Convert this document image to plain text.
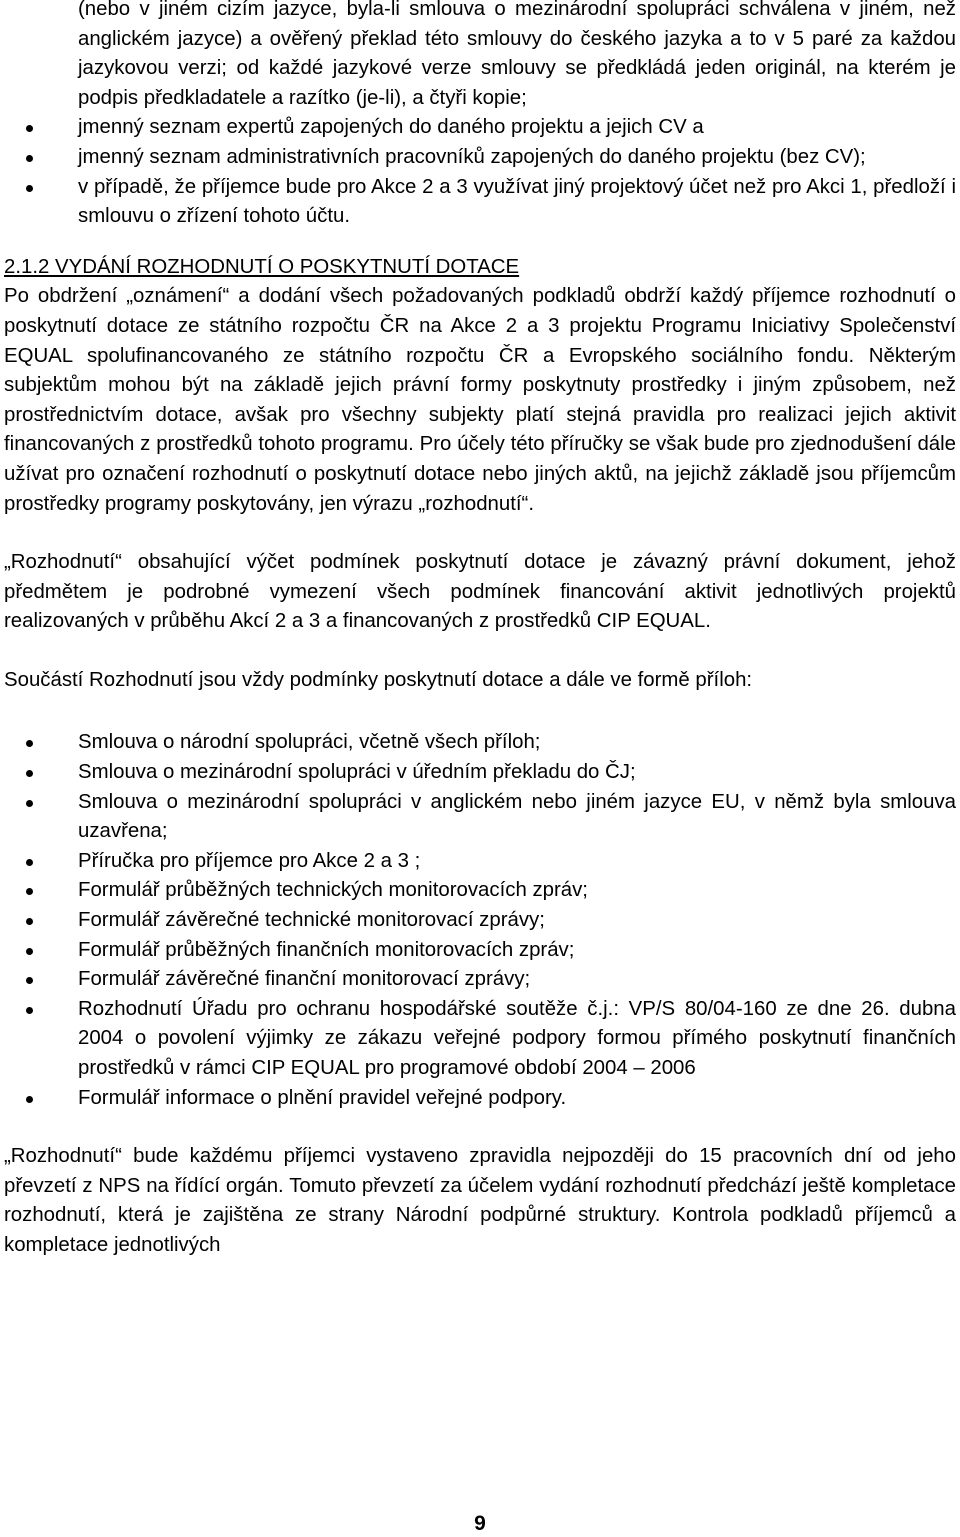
(nebo v jiném cizím jazyce, byla-li smlouva o mezinárodní spolupráci schválena v jiném, než anglickém jazyce) a ověřený překlad této smlouvy do českého jazyka a to v 5 paré za každou jazykovou verzi; od každé jazykové verze smlouvy se předkládá jeden originál, na kterém je podpis předkladatele a razítko (je-li), a čtyři kopie;
jmenný seznam expertů zapojených do daného projektu a jejich CV a
jmenný seznam administrativních pracovníků zapojených do daného projektu (bez CV);
v případě, že příjemce bude pro Akce 2 a 3 využívat jiný projektový účet než pro Akci 1, předloží i smlouvu o zřízení tohoto účtu.

2.1.2 VYDÁNÍ ROZHODNUTÍ O POSKYTNUTÍ DOTACE

Po obdržení „oznámení“ a dodání všech požadovaných podkladů obdrží každý příjemce rozhodnutí o poskytnutí dotace ze státního rozpočtu ČR na Akce 2 a 3 projektu Programu Iniciativy Společenství EQUAL spolufinancovaného ze státního rozpočtu ČR a Evropského sociálního fondu. Některým subjektům mohou být na základě jejich právní formy poskytnuty prostředky i jiným způsobem, než prostřednictvím dotace, avšak pro všechny subjekty platí stejná pravidla pro realizaci jejich aktivit financovaných z prostředků tohoto programu. Pro účely této příručky se však bude pro zjednodušení dále užívat pro označení rozhodnutí o poskytnutí dotace nebo jiných aktů, na jejichž základě jsou příjemcům prostředky programy poskytovány, jen výrazu „rozhodnutí“.

„Rozhodnutí“ obsahující výčet podmínek poskytnutí dotace je závazný právní dokument, jehož předmětem je podrobné vymezení všech podmínek financování aktivit jednotlivých projektů realizovaných v průběhu Akcí 2 a 3 a financovaných z prostředků CIP EQUAL.

Součástí Rozhodnutí jsou vždy podmínky poskytnutí dotace a dále ve formě příloh:

Smlouva o národní spolupráci, včetně všech příloh;
Smlouva o mezinárodní spolupráci v úředním překladu do ČJ;
Smlouva o mezinárodní spolupráci v anglickém nebo jiném jazyce EU, v němž byla smlouva uzavřena;
Příručka pro příjemce pro Akce 2 a 3 ;
Formulář průběžných technických monitorovacích zpráv;
Formulář závěrečné technické monitorovací zprávy;
Formulář průběžných finančních monitorovacích zpráv;
Formulář závěrečné finanční monitorovací zprávy;
Rozhodnutí Úřadu pro ochranu hospodářské soutěže č.j.: VP/S 80/04-160 ze dne 26. dubna 2004 o povolení výjimky ze zákazu veřejné podpory formou přímého poskytnutí finančních prostředků v rámci CIP EQUAL pro programové období 2004 – 2006
Formulář informace o plnění pravidel veřejné podpory.

„Rozhodnutí“ bude každému příjemci vystaveno zpravidla nejpozději do 15 pracovních dní od jeho převzetí z NPS na řídící orgán. Tomuto převzetí za účelem vydání rozhodnutí předchází ještě kompletace rozhodnutí, která je zajištěna ze strany Národní podpůrné struktury. Kontrola podkladů příjemců a kompletace jednotlivých

9
